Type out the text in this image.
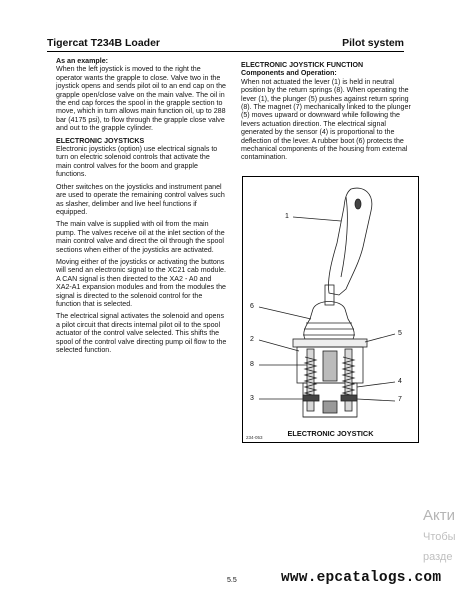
Tigercat T234B Loader	Pilot system

As an example:

When the left joystick is moved to the right the operator wants the grapple to close. Valve two in the joystick opens and sends pilot oil to an end cap on the grapple open/close valve on the main valve. The oil in the end cap forces the spool in the grapple section to move, which in turn allows main function oil, up to 288 bar (4175 psi), to flow through the grapple close valve and out to the grapple cylinder.

ELECTRONIC JOYSTICKS

Electronic joysticks (option) use electrical signals to turn on electric solenoid controls that activate the main control valves for the boom and grapple functions.

Other switches on the joysticks and instrument panel are used to operate the remaining control valves such as slasher, delimber and live heel functions if equipped.

The main valve is supplied with oil from the main pump. The valves receive oil at the inlet section of the main control valve and direct the oil through the spool sections when either of the joysticks are activated.

Moving either of the joysticks or activating the buttons will send an electronic signal to the XC21 cab module. A CAN signal is then directed to the XA2 - A0 and XA2-A1 expansion modules and from the modules the signal is directed to the solenoid control for the function that is selected.

The electrical signal activates the solenoid and opens a pilot circuit that directs internal pilot oil to the spool actuator of the control valve selected. This shifts the spool of the control valve directing pump oil flow to the selected function.

ELECTRONIC JOYSTICK FUNCTION

Components and Operation:

When not actuated the lever (1) is held in neutral position by the return springs (8). When operating the lever (1), the plunger (5) pushes against return spring (8). The magnet (7) mechanically linked to the plunger (5) moves upward or downward while following the levers actuation direction. The electrical signal generated by the sensor (4) is proportional to the deflection of the lever. A rubber boot (6) protects the mechanical components of the housing from external contamination.

1
6
2
5
8
4
3	7
ELECTRONIC JOYSTICK
234-053
5.5	www.epcatalogs.com
Акти
Чтобы
разде
